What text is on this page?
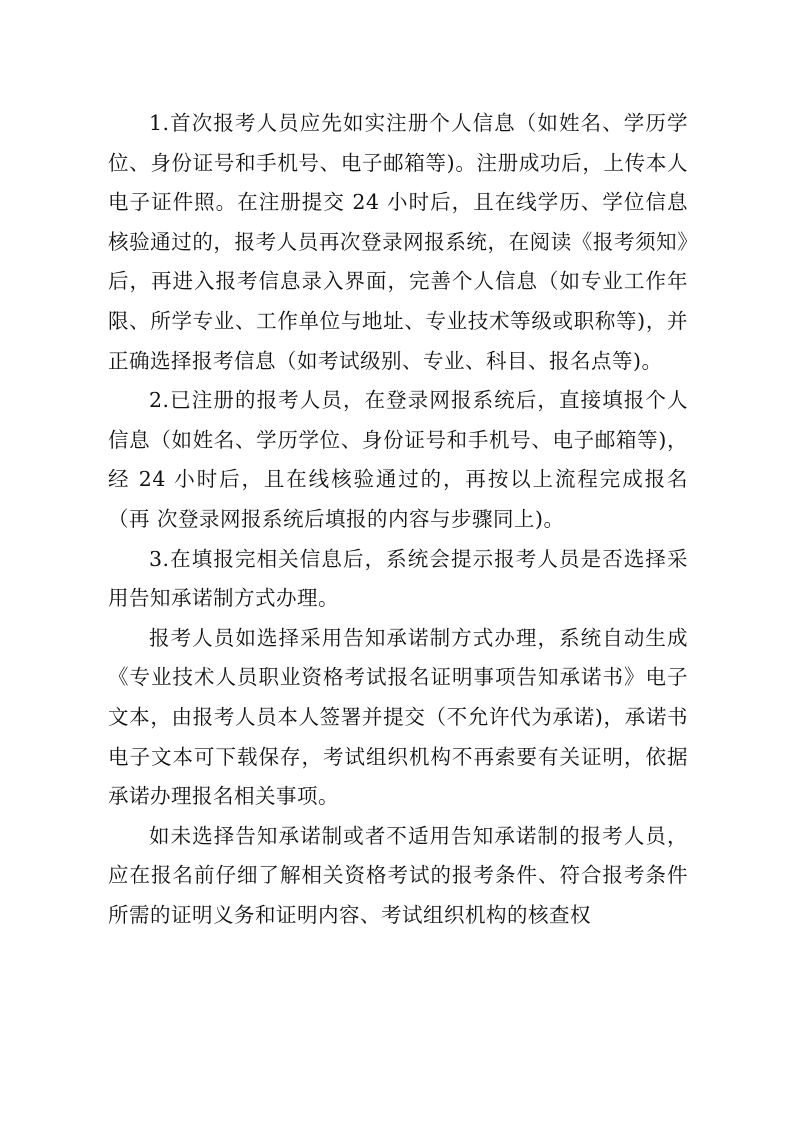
1.首次报考人员应先如实注册个人信息（如姓名、学历学位、身份证号和手机号、电子邮箱等)。注册成功后，上传本人电子证件照。在注册提交 24 小时后，且在线学历、学位信息核验通过的，报考人员再次登录网报系统，在阅读《报考须知》后，再进入报考信息录入界面，完善个人信息（如专业工作年限、所学专业、工作单位与地址、专业技术等级或职称等)，并正确选择报考信息（如考试级别、专业、科目、报名点等)。

2.已注册的报考人员，在登录网报系统后，直接填报个人 信息（如姓名、学历学位、身份证号和手机号、电子邮箱等)， 经 24 小时后，且在线核验通过的，再按以上流程完成报名（再 次登录网报系统后填报的内容与步骤同上)。

3.在填报完相关信息后，系统会提示报考人员是否选择采用告知承诺制方式办理。

报考人员如选择采用告知承诺制方式办理，系统自动生成《专业技术人员职业资格考试报名证明事项告知承诺书》电子文本，由报考人员本人签署并提交（不允许代为承诺)，承诺书电子文本可下载保存，考试组织机构不再索要有关证明，依据承诺办理报名相关事项。

如未选择告知承诺制或者不适用告知承诺制的报考人员，应在报名前仔细了解相关资格考试的报考条件、符合报考条件所需的证明义务和证明内容、考试组织机构的核查权
